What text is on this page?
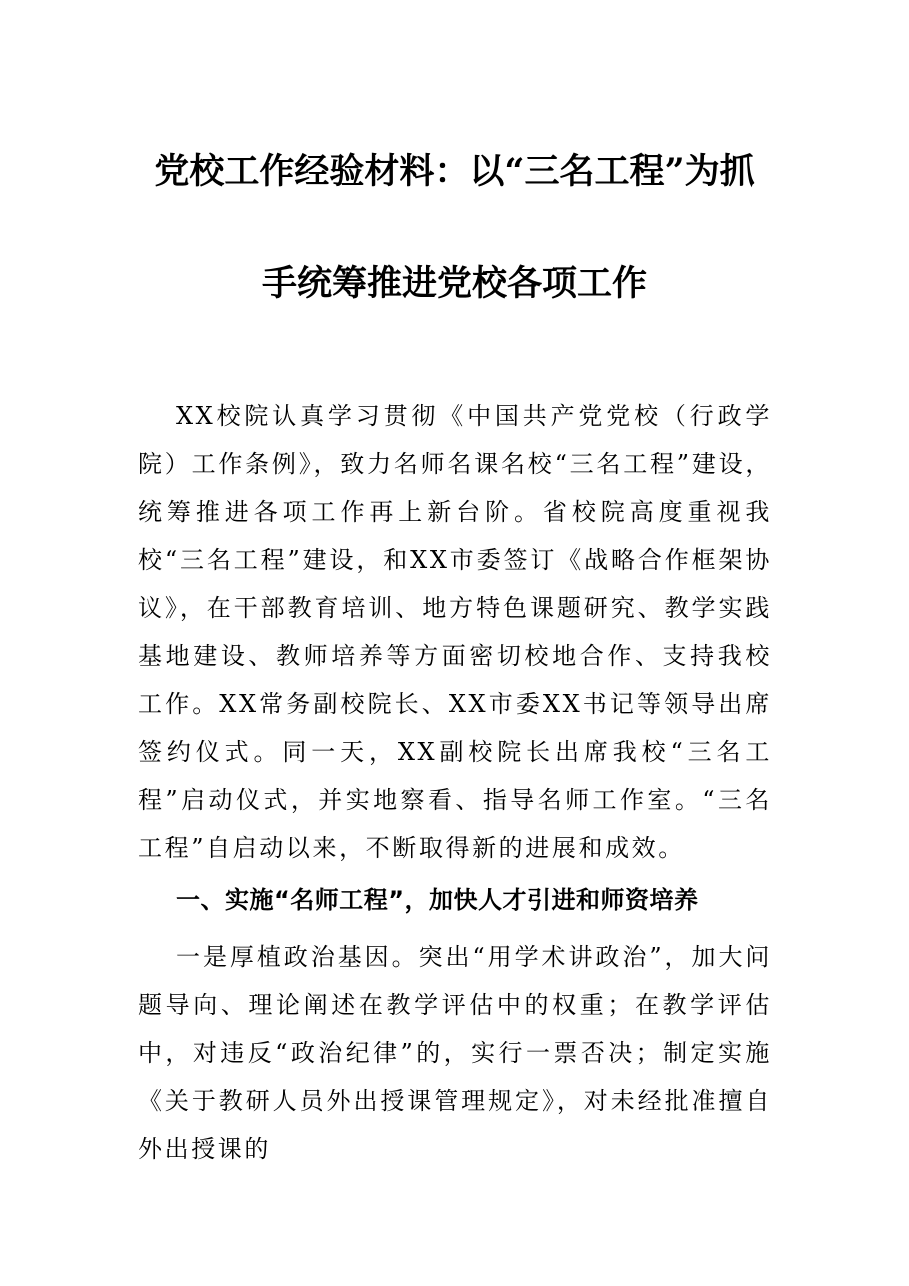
党校工作经验材料：以“三名工程”为抓
手统筹推进党校各项工作

XX校院认真学习贯彻《中国共产党党校（行政学院）工作条例》，致力名师名课名校“三名工程”建设，统筹推进各项工作再上新台阶。省校院高度重视我校“三名工程”建设，和XX市委签订《战略合作框架协议》，在干部教育培训、地方特色课题研究、教学实践基地建设、教师培养等方面密切校地合作、支持我校工作。XX常务副校院长、XX市委XX书记等领导出席签约仪式。同一天，XX副校院长出席我校“三名工程”启动仪式，并实地察看、指导名师工作室。“三名工程”自启动以来，不断取得新的进展和成效。

一、实施“名师工程”，加快人才引进和师资培养

一是厚植政治基因。突出“用学术讲政治”，加大问题导向、理论阐述在教学评估中的权重；在教学评估中，对违反“政治纪律”的，实行一票否决；制定实施《关于教研人员外出授课管理规定》，对未经批准擅自外出授课的
